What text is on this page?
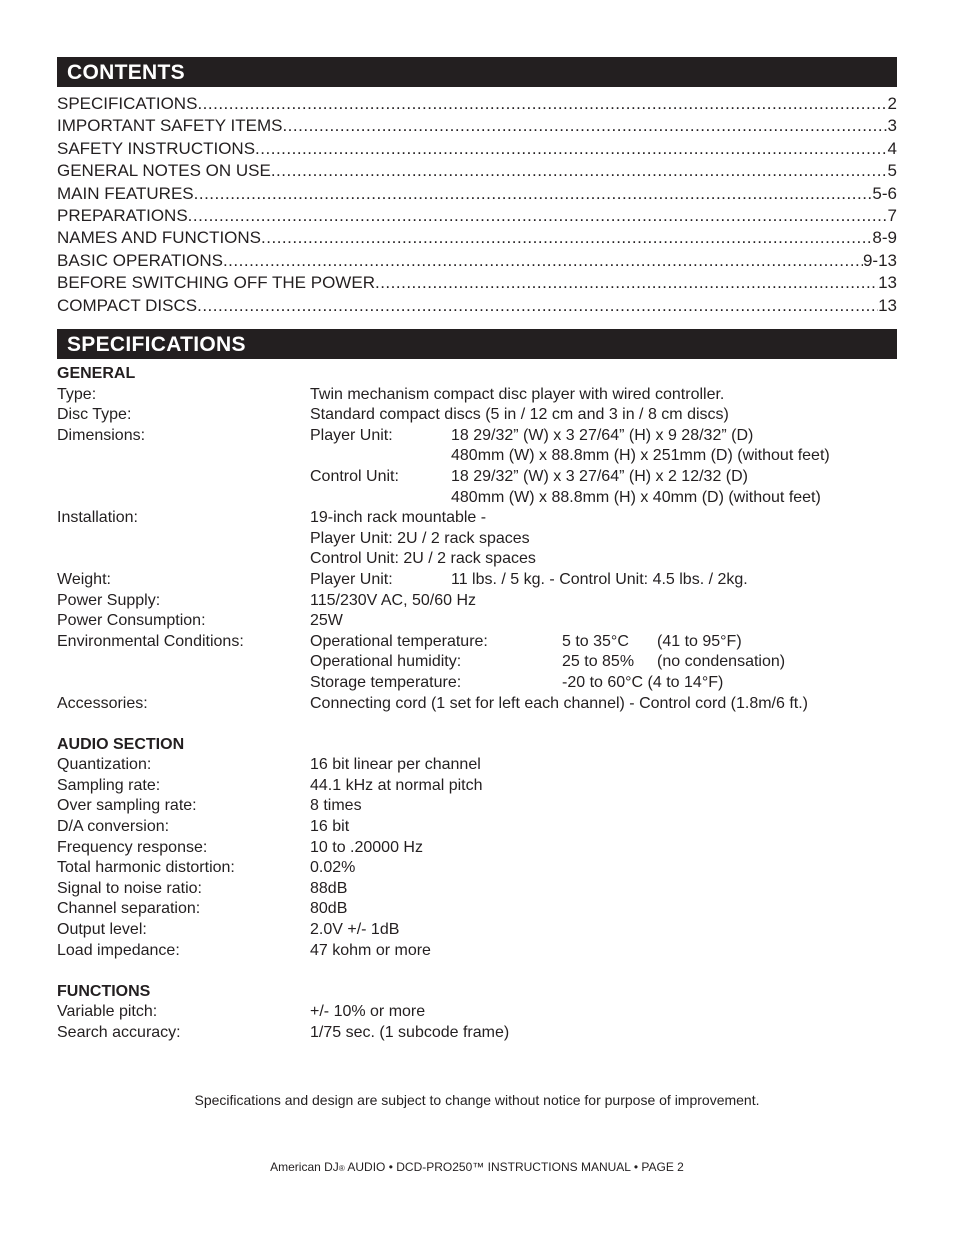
CONTENTS
SPECIFICATIONS .....	2
IMPORTANT SAFETY ITEMS .....	3
SAFETY INSTRUCTIONS .....	4
GENERAL NOTES ON USE .....	5
MAIN FEATURES .....	5-6
PREPARATIONS .....	7
NAMES AND FUNCTIONS .....	8-9
BASIC OPERATIONS .....	9-13
BEFORE SWITCHING OFF THE POWER .....	13
COMPACT DISCS .....	13
SPECIFICATIONS
GENERAL
Type:	Twin mechanism compact disc player with wired controller.
Disc Type:	Standard compact discs (5 in / 12 cm and 3 in / 8 cm discs)
Dimensions:	Player Unit:	18 29/32” (W) x 3 27/64” (H) x 9 28/32” (D)
480mm (W) x 88.8mm (H) x 251mm (D) (without feet)
Control Unit:	18 29/32” (W) x 3 27/64” (H) x 2 12/32 (D)
480mm (W) x 88.8mm (H) x 40mm (D) (without feet)
Installation:	19-inch rack mountable -
Player Unit: 2U / 2 rack spaces
Control Unit: 2U / 2 rack spaces
Weight:	Player Unit:	11 lbs. / 5 kg. - Control Unit: 4.5 lbs. / 2kg.
Power Supply:	115/230V AC, 50/60 Hz
Power Consumption:	25W
Environmental Conditions:	Operational temperature:	5 to 35°C (41 to 95°F)
Operational humidity:	25 to 85% (no condensation)
Storage temperature:	-20 to 60°C (4 to 14°F)
Accessories:	Connecting cord (1 set for left each channel) - Control cord (1.8m/6 ft.)
AUDIO SECTION
Quantization:	16 bit linear per channel
Sampling rate:	44.1 kHz at normal pitch
Over sampling rate:	8 times
D/A conversion:	16 bit
Frequency response:	10 to .20000 Hz
Total harmonic distortion:	0.02%
Signal to noise ratio:	88dB
Channel separation:	80dB
Output level:	2.0V +/- 1dB
Load impedance:	47 kohm or more
FUNCTIONS
Variable pitch:	+/- 10% or more
Search accuracy:	1/75 sec. (1 subcode frame)
Specifications and design are subject to change without notice for purpose of improvement.
American DJ® AUDIO • DCD-PRO250™ INSTRUCTIONS MANUAL • PAGE 2
